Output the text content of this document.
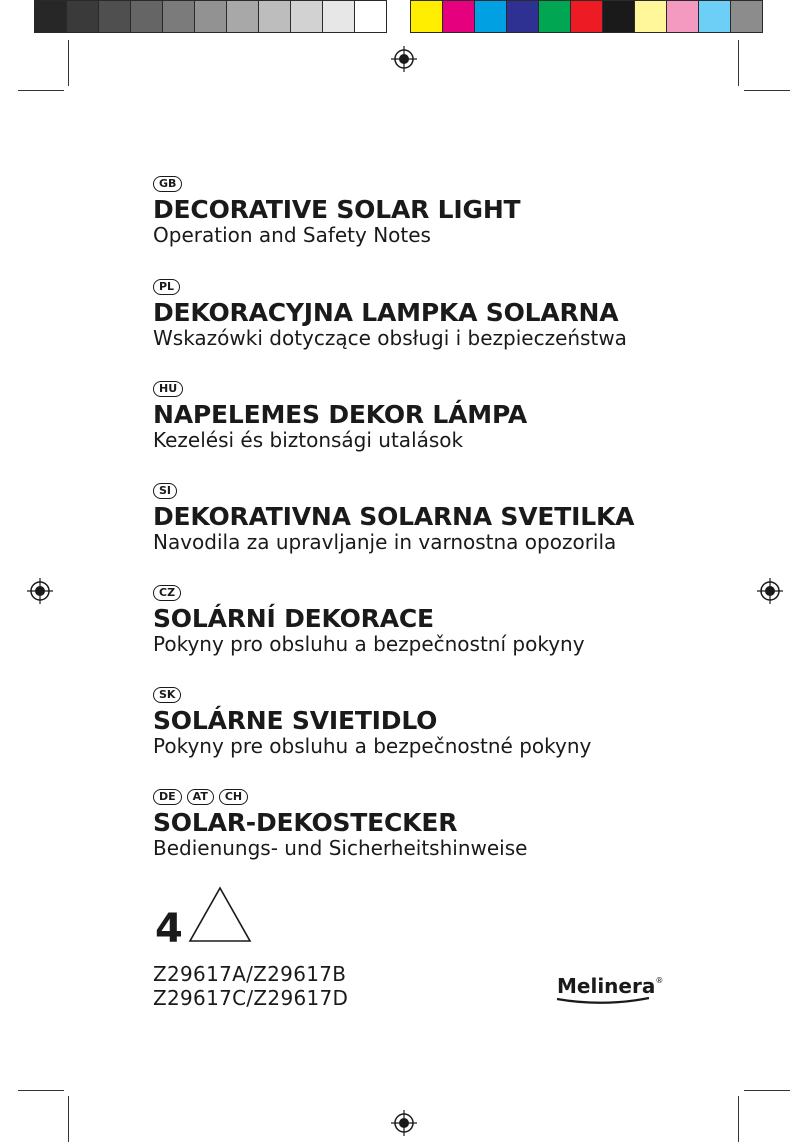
GB
DECORATIVE SOLAR LIGHT
Operation and Safety Notes
PL
DEKORACYJNA LAMPKA SOLARNA
Wskazówki dotyczące obsługi i bezpieczeństwa
HU
NAPELEMES DEKOR LÁMPA
Kezelési és biztonsági utalások
SI
DEKORATIVNA SOLARNA SVETILKA
Navodila za upravljanje in varnostna opozorila
CZ
SOLÁRNÍ DEKORACE
Pokyny pro obsluhu a bezpečnostní pokyny
SK
SOLÁRNE SVIETIDLO
Pokyny pre obsluhu a bezpečnostné pokyny
DE	AT	CH
SOLAR-DEKOSTECKER
Bedienungs- und Sicherheitshinweise
4
Z29617A/Z29617B
Z29617C/Z29617D	Melinera®
